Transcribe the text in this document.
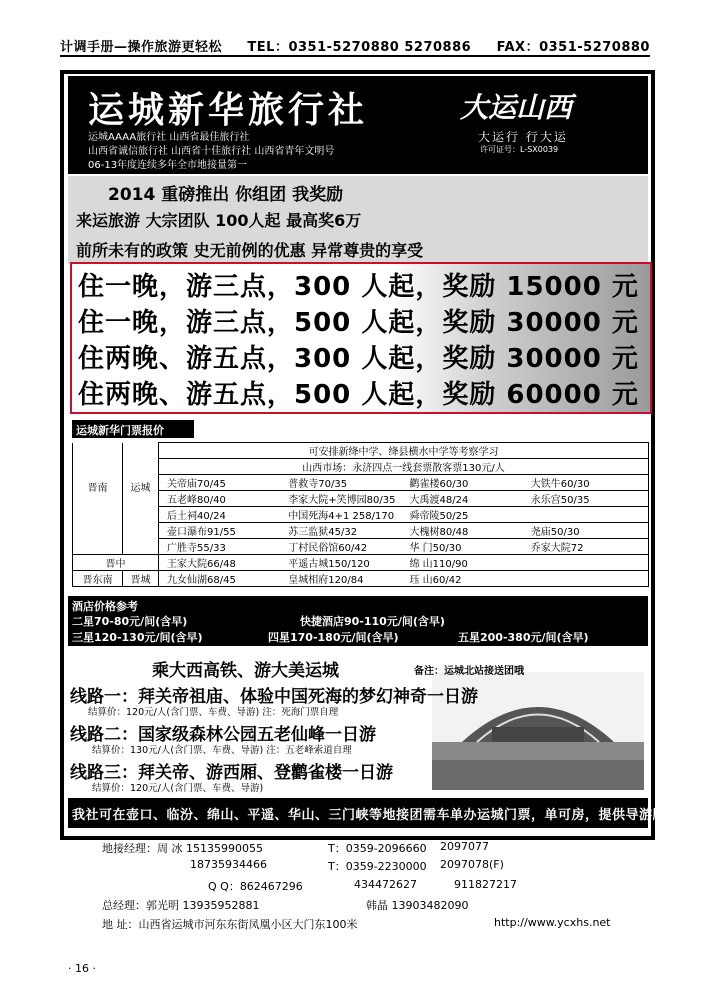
计调手册—操作旅游更轻松 TEL：0351-5270880 5270886 FAX：0351-5270880
运城新华旅行社
运城AAAA旅行社 山西省最佳旅行社
山西省诚信旅行社 山西省十佳旅行社 山西省青年文明号
06-13年度连续多年全市地接量第一
大运山西
大运行 行大运
许可证号：L-SX0039
2014 重磅推出 你组团 我奖励
来运旅游 大宗团队 100人起 最高奖6万
前所未有的政策 史无前例的优惠 异常尊贵的享受
住一晚，游三点，300 人起，奖励 15000 元
住一晚，游三点，500 人起，奖励 30000 元
住两晚、游五点，300 人起，奖励 30000 元
住两晚、游五点，500 人起，奖励 60000 元
运城新华门票报价
		可安排新绛中学、绛县横水中学等考察学习
		山西市场：永济四点一线套票散客票130元/人
晋南	运城	关帝庙70/45 普救寺70/35 鹳雀楼60/30 大铁牛60/30

		五老峰80/40 李家大院+笑博园80/35 大禹渡48/24 永乐宫50/35

		后土祠40/24 中国死海4+1 258/170 舜帝陵50/25

		壶口瀑布91/55 苏三监狱45/32 大槐树80/48 尧庙50/30

		广胜寺55/33 丁村民俗馆60/42 华 门50/30 乔家大院72

晋中		王家大院66/48 平遥古城150/120 绵 山110/90

晋东南	晋城	九女仙湖68/45 皇城相府120/84 珏 山60/42
酒店价格参考
二星70-80元/间(含早)	快捷酒店90-110元/间(含早)
三星120-130元/间(含早)	四星170-180元/间(含早)	五星200-380元/间(含早)
乘大西高铁、游大美运城	备注：运城北站接送团哦
线路一：拜关帝祖庙、体验中国死海的梦幻神奇一日游
结算价：120元/人(含门票、车费、导游) 注：死海门票自理
线路二：国家级森林公园五老仙峰一日游
结算价：130元/人(含门票、车费、导游) 注：五老峰索道自理
线路三：拜关帝、游西厢、登鹳雀楼一日游
结算价：120元/人(含门票、车费、导游)
我社可在壶口、临汾、绵山、平遥、华山、三门峡等地接团需车单办运城门票，单可房，提供导游服务。
地接经理：周 冰 15135990055	T：0359-2096660 2097077
18735934466	T：0359-2230000 2097078(F)
Q Q：862467296	434472627	911827217
总经理：郭光明 13935952881	韩晶 13903482090
地 址：山西省运城市河东东街凤凰小区大门东100米	http://www.ycxhs.net
· 16 ·
